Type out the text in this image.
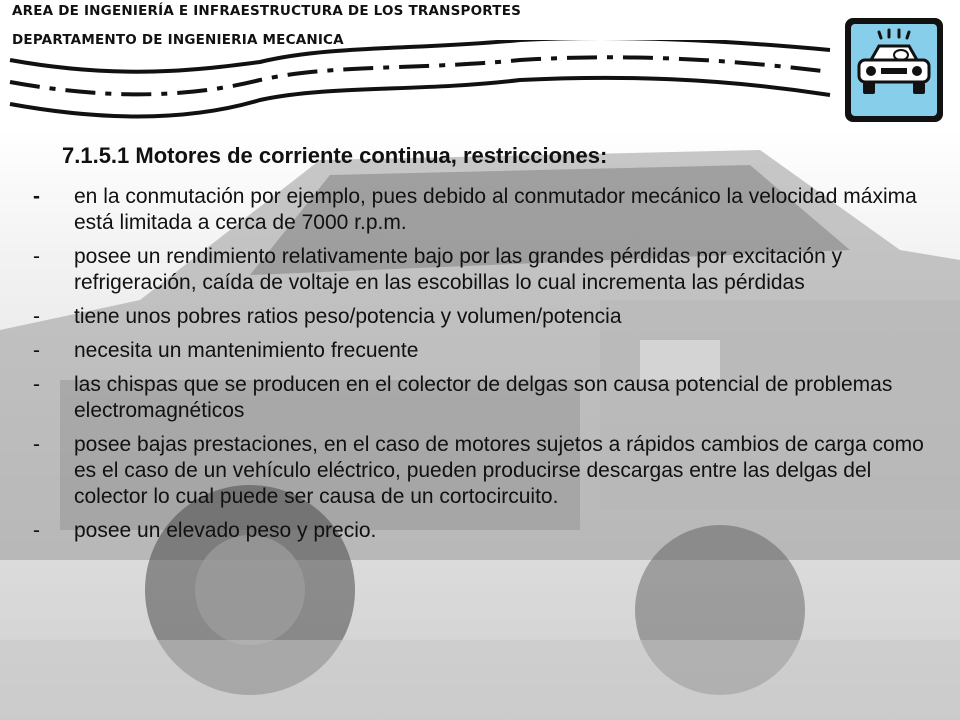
AREA DE INGENIERÍA E INFRAESTRUCTURA DE LOS TRANSPORTES
DEPARTAMENTO DE INGENIERIA MECANICA
7.1.5.1 Motores de corriente continua, restricciones:
- en la conmutación por ejemplo, pues debido al conmutador mecánico la velocidad máxima está limitada a cerca de 7000 r.p.m.
- posee un rendimiento relativamente bajo por las grandes pérdidas por excitación y refrigeración, caída de voltaje en las escobillas lo cual incrementa las pérdidas
- tiene unos pobres ratios peso/potencia y volumen/potencia
- necesita un mantenimiento frecuente
- las chispas que se producen en el colector de delgas son causa potencial de problemas electromagnéticos
- posee bajas prestaciones, en el caso de motores sujetos a rápidos cambios de carga como es el caso de un vehículo eléctrico, pueden producirse descargas entre las delgas del colector lo cual puede ser causa de un cortocircuito.
- posee un elevado peso y precio.
